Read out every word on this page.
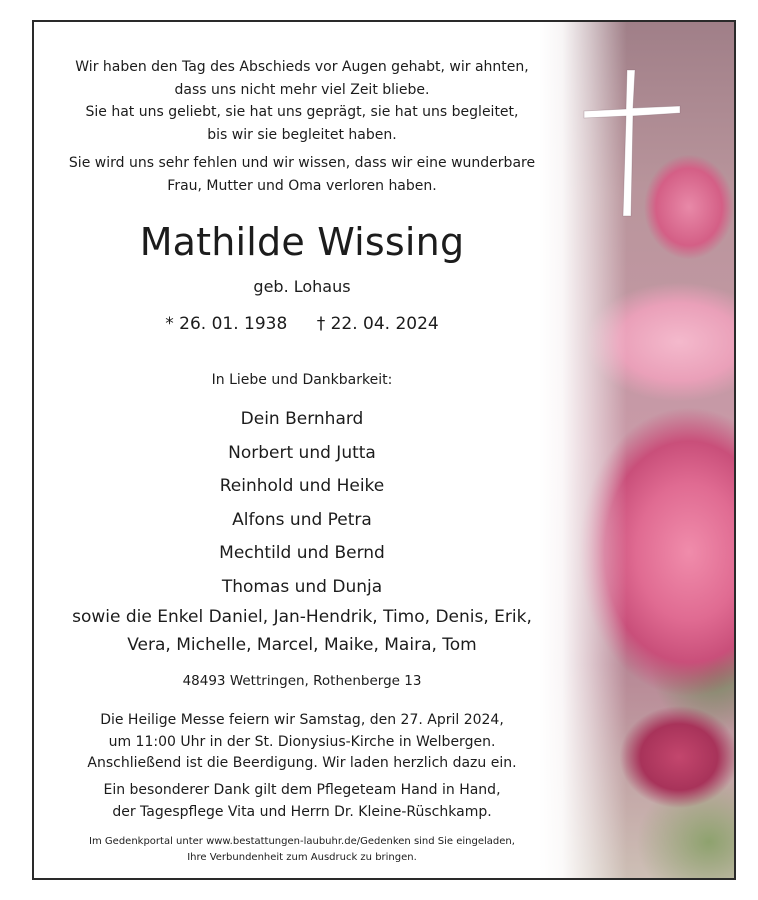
Wir haben den Tag des Abschieds vor Augen gehabt, wir ahnten,
dass uns nicht mehr viel Zeit bliebe.
Sie hat uns geliebt, sie hat uns geprägt, sie hat uns begleitet,
bis wir sie begleitet haben.
Sie wird uns sehr fehlen und wir wissen, dass wir eine wunderbare
Frau, Mutter und Oma verloren haben.
Mathilde Wissing
geb. Lohaus
* 26. 01. 1938 † 22. 04. 2024
In Liebe und Dankbarkeit:
Dein Bernhard
Norbert und Jutta
Reinhold und Heike
Alfons und Petra
Mechtild und Bernd
Thomas und Dunja
sowie die Enkel Daniel, Jan-Hendrik, Timo, Denis, Erik,
Vera, Michelle, Marcel, Maike, Maira, Tom
48493 Wettringen, Rothenberge 13
Die Heilige Messe feiern wir Samstag, den 27. April 2024,
um 11:00 Uhr in der St. Dionysius-Kirche in Welbergen.
Anschließend ist die Beerdigung. Wir laden herzlich dazu ein.
Ein besonderer Dank gilt dem Pflegeteam Hand in Hand,
der Tagespflege Vita und Herrn Dr. Kleine-Rüschkamp.
Im Gedenkportal unter www.bestattungen-laubuhr.de/Gedenken sind Sie eingeladen,
Ihre Verbundenheit zum Ausdruck zu bringen.
